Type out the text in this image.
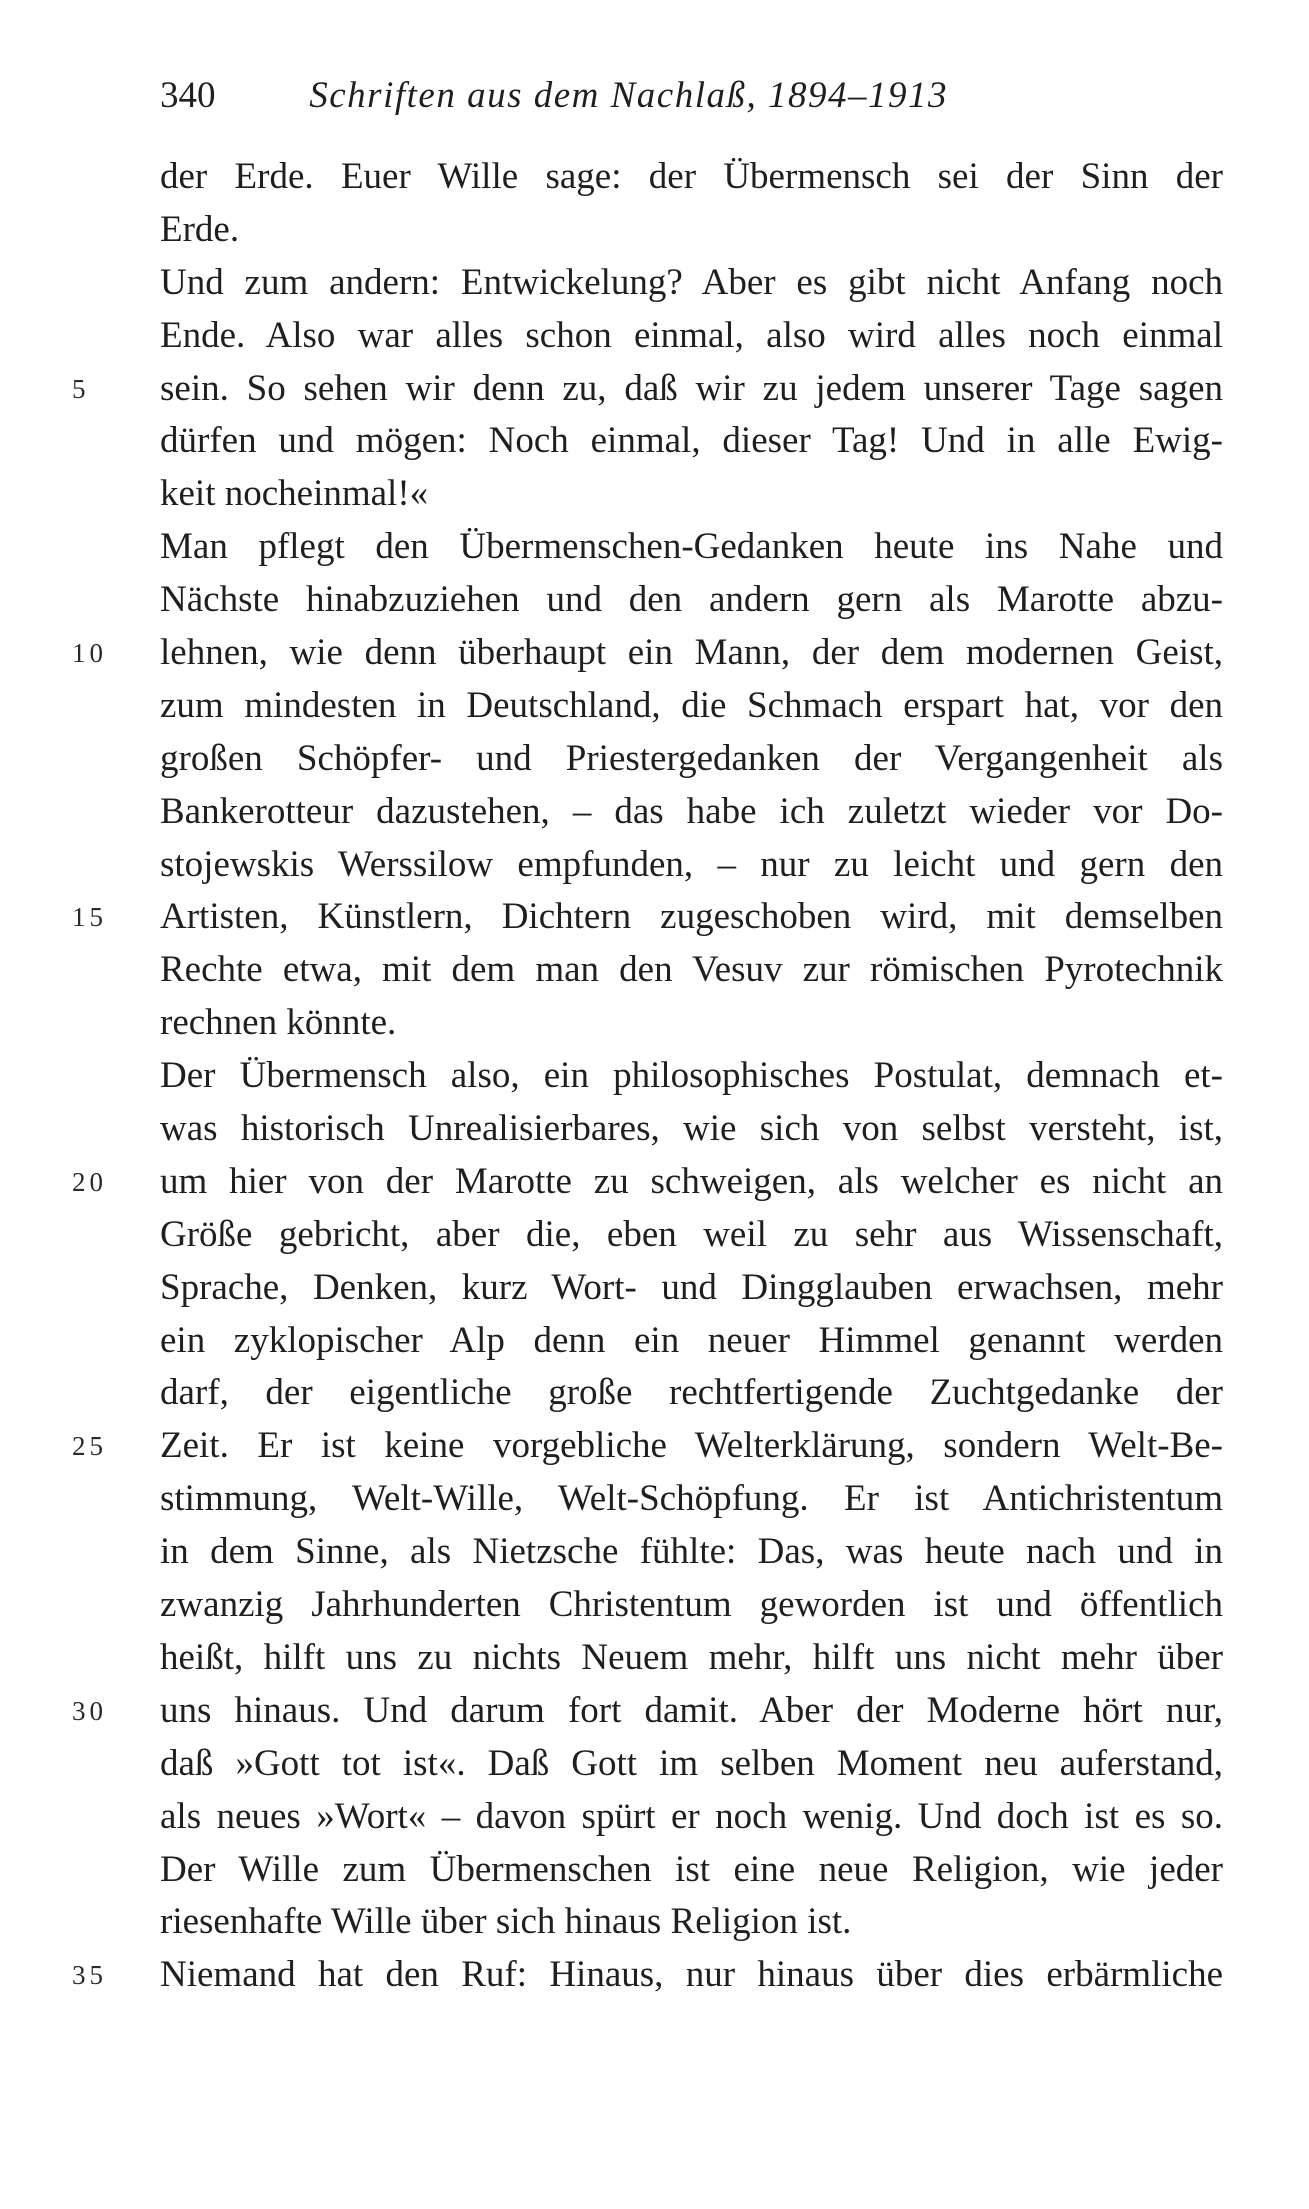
340	Schriften aus dem Nachlaß, 1894–1913
der Erde. Euer Wille sage: der Übermensch sei der Sinn der
Erde.
Und zum andern: Entwickelung? Aber es gibt nicht Anfang noch
Ende. Also war alles schon einmal, also wird alles noch einmal
5	sein. So sehen wir denn zu, daß wir zu jedem unserer Tage sagen
dürfen und mögen: Noch einmal, dieser Tag! Und in alle Ewig-
keit nocheinmal!«
Man pflegt den Übermenschen-Gedanken heute ins Nahe und
Nächste hinabzuziehen und den andern gern als Marotte abzu-
10	lehnen, wie denn überhaupt ein Mann, der dem modernen Geist,
zum mindesten in Deutschland, die Schmach erspart hat, vor den
großen Schöpfer- und Priestergedanken der Vergangenheit als
Bankerotteur dazustehen, – das habe ich zuletzt wieder vor Do-
stojewskis Werssilow empfunden, – nur zu leicht und gern den
15	Artisten, Künstlern, Dichtern zugeschoben wird, mit demselben
Rechte etwa, mit dem man den Vesuv zur römischen Pyrotechnik
rechnen könnte.
Der Übermensch also, ein philosophisches Postulat, demnach et-
was historisch Unrealisierbares, wie sich von selbst versteht, ist,
20	um hier von der Marotte zu schweigen, als welcher es nicht an
Größe gebricht, aber die, eben weil zu sehr aus Wissenschaft,
Sprache, Denken, kurz Wort- und Dingglauben erwachsen, mehr
ein zyklopischer Alp denn ein neuer Himmel genannt werden
darf, der eigentliche große rechtfertigende Zuchtgedanke der
25	Zeit. Er ist keine vorgebliche Welterklärung, sondern Welt-Be-
stimmung, Welt-Wille, Welt-Schöpfung. Er ist Antichristentum
in dem Sinne, als Nietzsche fühlte: Das, was heute nach und in
zwanzig Jahrhunderten Christentum geworden ist und öffentlich
heißt, hilft uns zu nichts Neuem mehr, hilft uns nicht mehr über
30	uns hinaus. Und darum fort damit. Aber der Moderne hört nur,
daß »Gott tot ist«. Daß Gott im selben Moment neu auferstand,
als neues »Wort« – davon spürt er noch wenig. Und doch ist es so.
Der Wille zum Übermenschen ist eine neue Religion, wie jeder
riesenhafte Wille über sich hinaus Religion ist.
35	Niemand hat den Ruf: Hinaus, nur hinaus über dies erbärmliche
